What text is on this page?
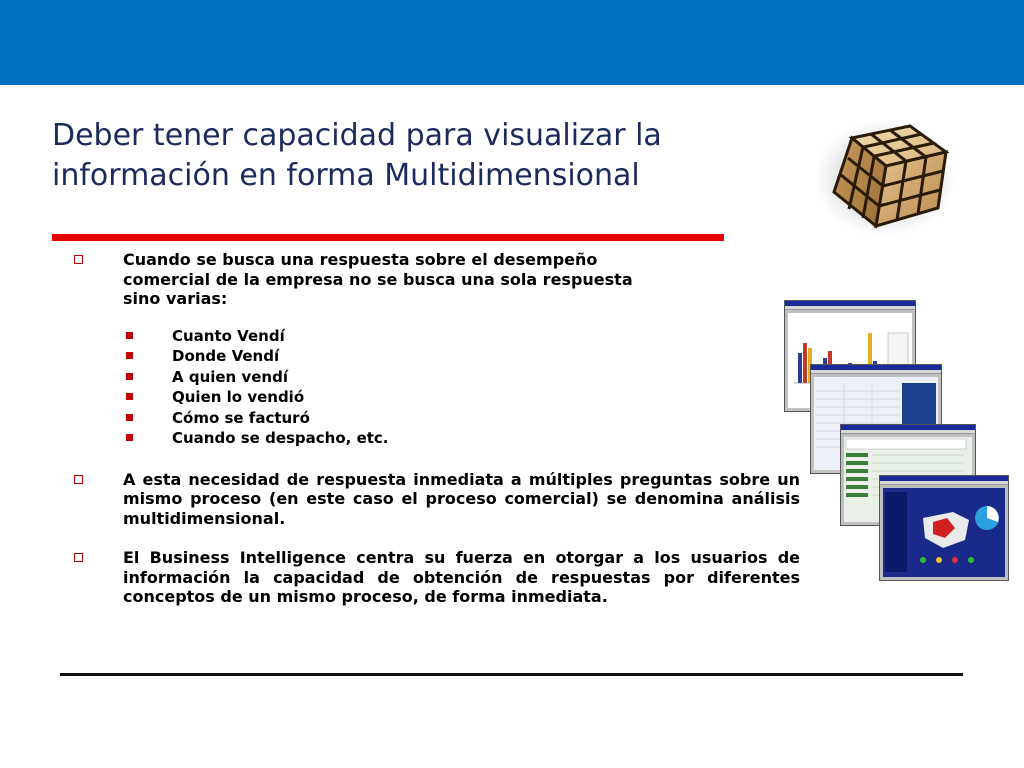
Deber tener capacidad para visualizar la
información en forma Multidimensional
Cuando se busca una respuesta sobre el desempeño
comercial de la empresa no se busca una sola respuesta
sino varias:
Cuanto Vendí
Donde Vendí
A quien vendí
Quien lo vendió
Cómo se facturó
Cuando se despacho, etc.
A esta necesidad de respuesta inmediata a múltiples preguntas sobre un mismo proceso (en este caso el proceso comercial) se denomina análisis multidimensional.
El Business Intelligence centra su fuerza en otorgar a los usuarios de información la capacidad de obtención de respuestas por diferentes conceptos de un mismo proceso, de forma inmediata.
